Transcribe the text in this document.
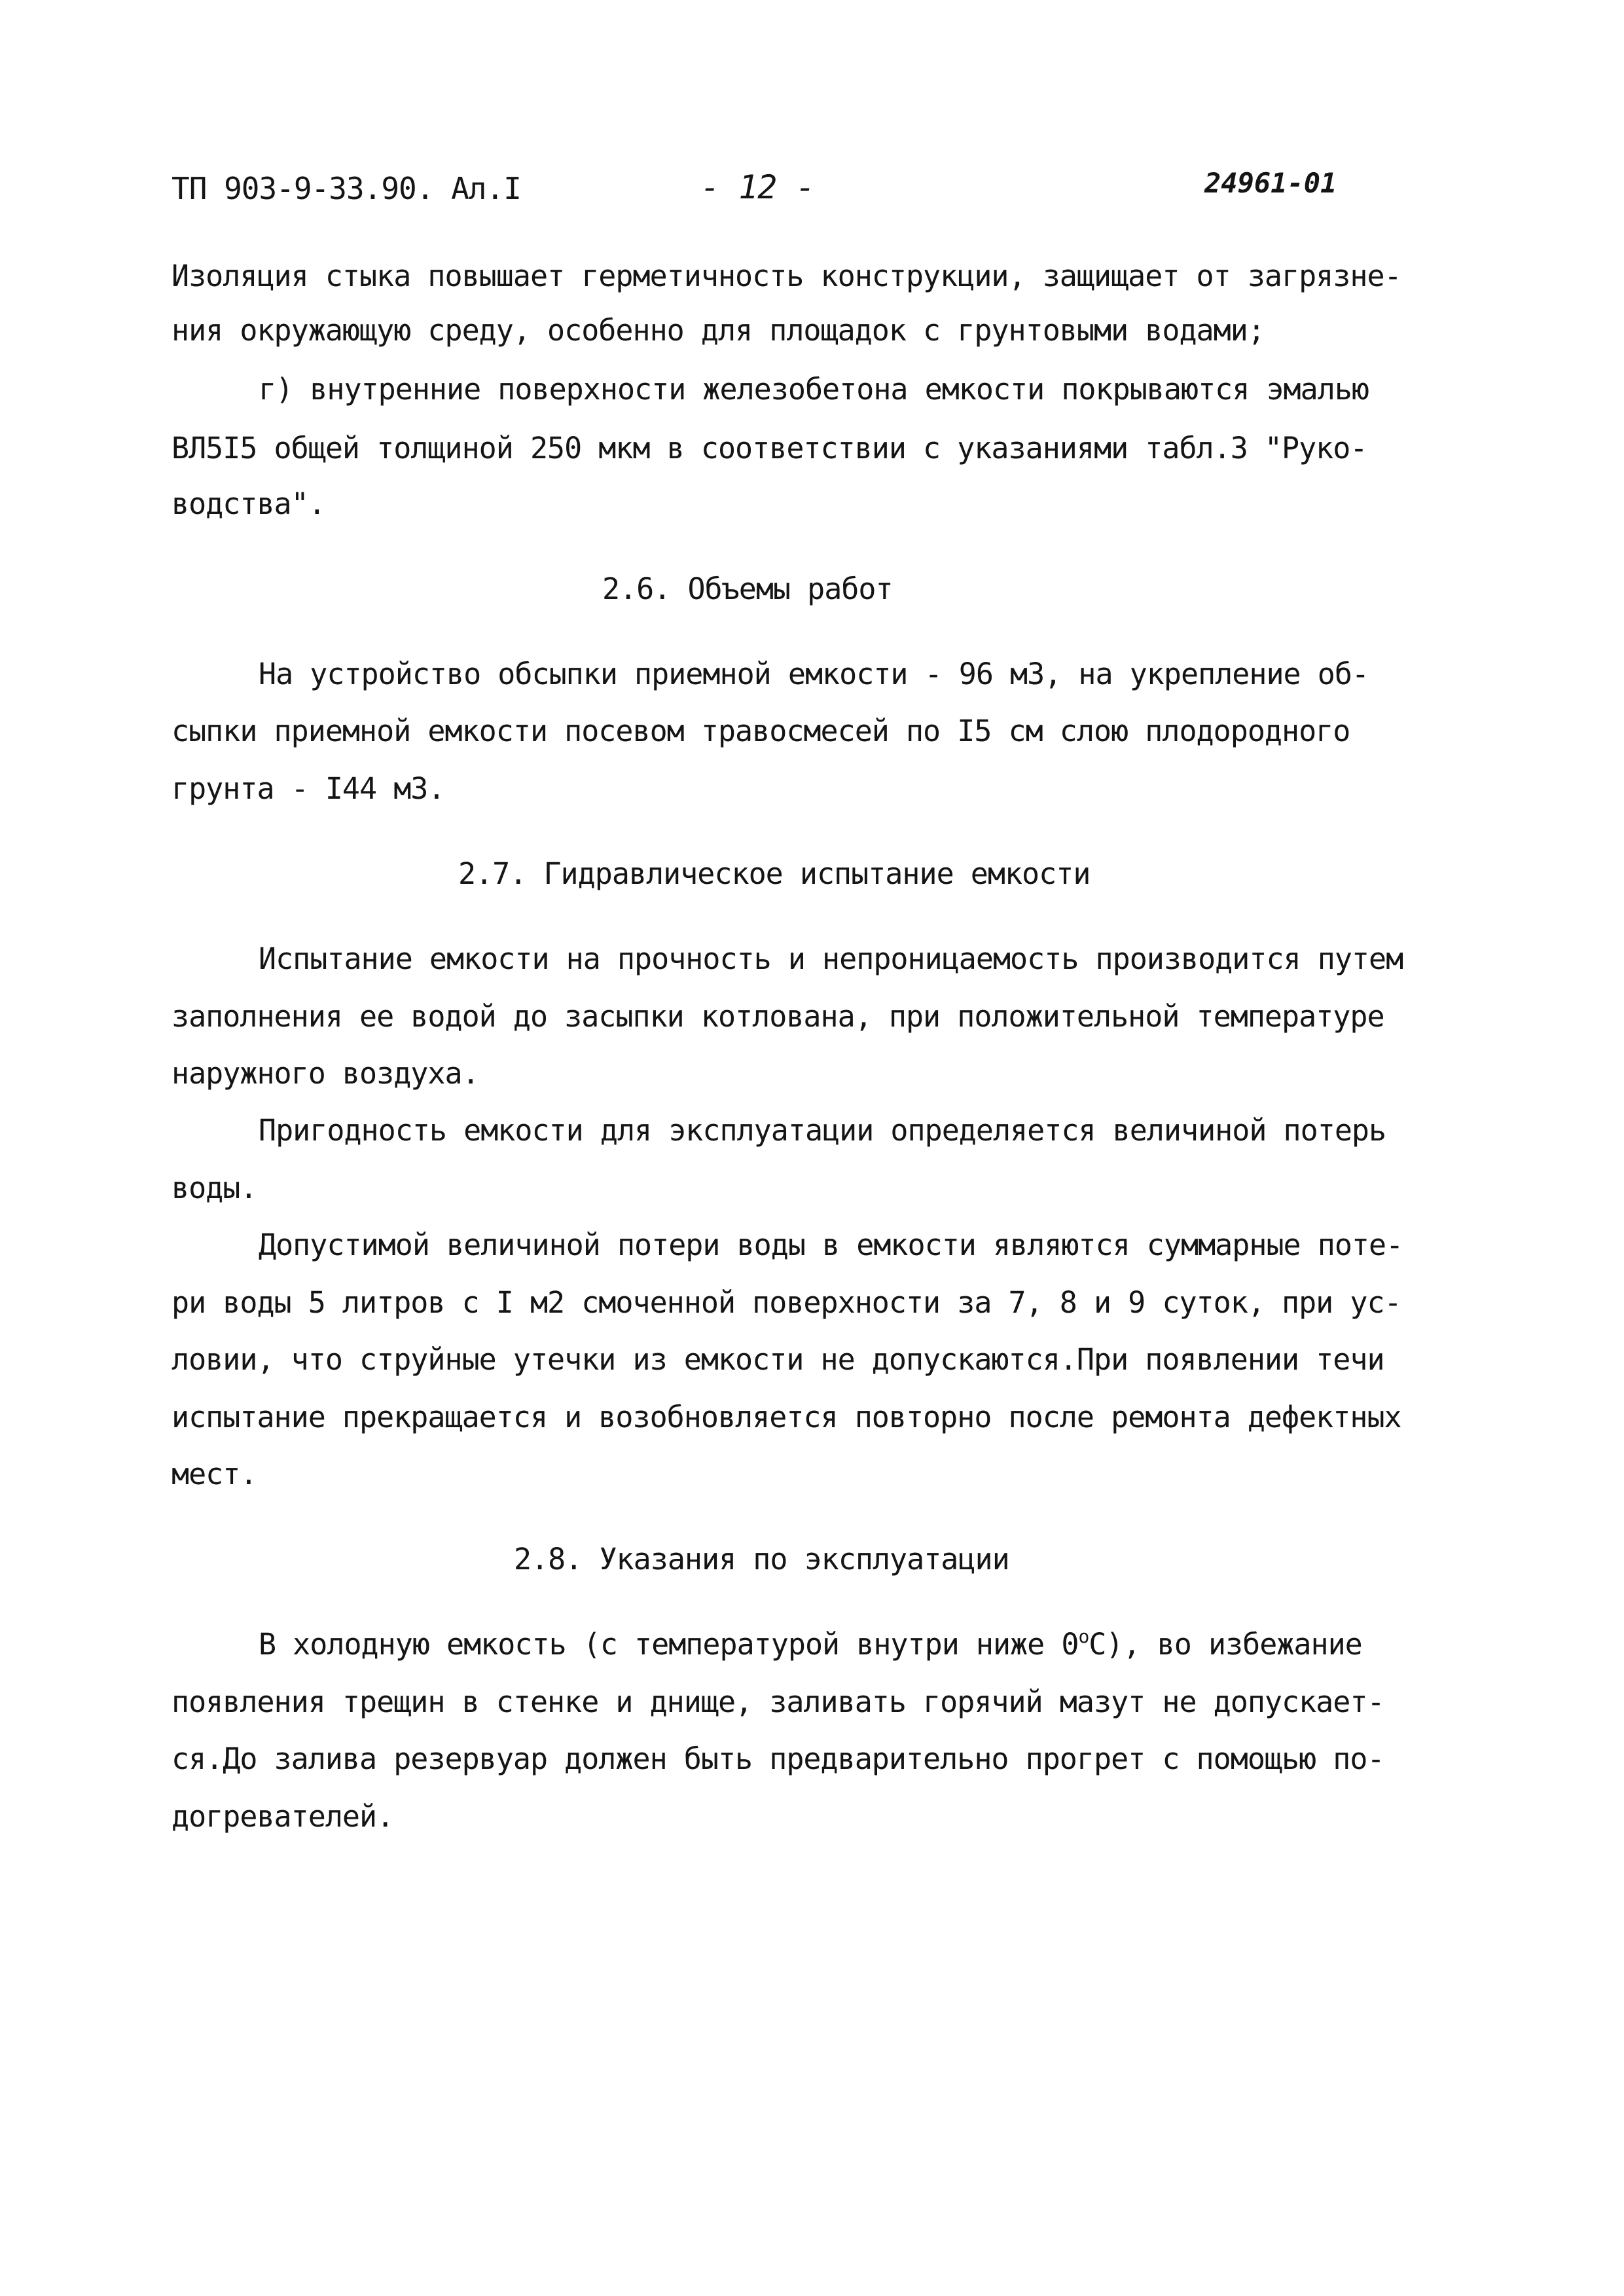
ТП 903-9-33.90. Ал.I	- 12 -	24961-01
Изоляция стыка повышает герметичность конструкции, защищает от загрязне-
ния окружающую среду, особенно для площадок с грунтовыми водами;
г) внутренние поверхности железобетона емкости покрываются эмалью
ВЛ5I5 общей толщиной 250 мкм в соответствии с указаниями табл.3 "Руко-
водства".
2.6. Объемы работ
На устройство обсыпки приемной емкости - 96 м3, на укрепление об-
сыпки приемной емкости посевом травосмесей по I5 см слою плодородного
грунта - I44 м3.
2.7. Гидравлическое испытание емкости
Испытание емкости на прочность и непроницаемость производится путем
заполнения ее водой до засыпки котлована, при положительной температуре
наружного воздуха.
Пригодность емкости для эксплуатации определяется величиной потерь
воды.
Допустимой величиной потери воды в емкости являются суммарные поте-
ри воды 5 литров с I м2 смоченной поверхности за 7, 8 и 9 суток, при ус-
ловии, что струйные утечки из емкости не допускаются.При появлении течи
испытание прекращается и возобновляется повторно после ремонта дефектных
мест.
2.8. Указания по эксплуатации
В холодную емкость (с температурой внутри ниже $0^оС$), во избежание
появления трещин в стенке и днище, заливать горячий мазут не допускает-
ся.До залива резервуар должен быть предварительно прогрет с помощью по-
догревателей.
